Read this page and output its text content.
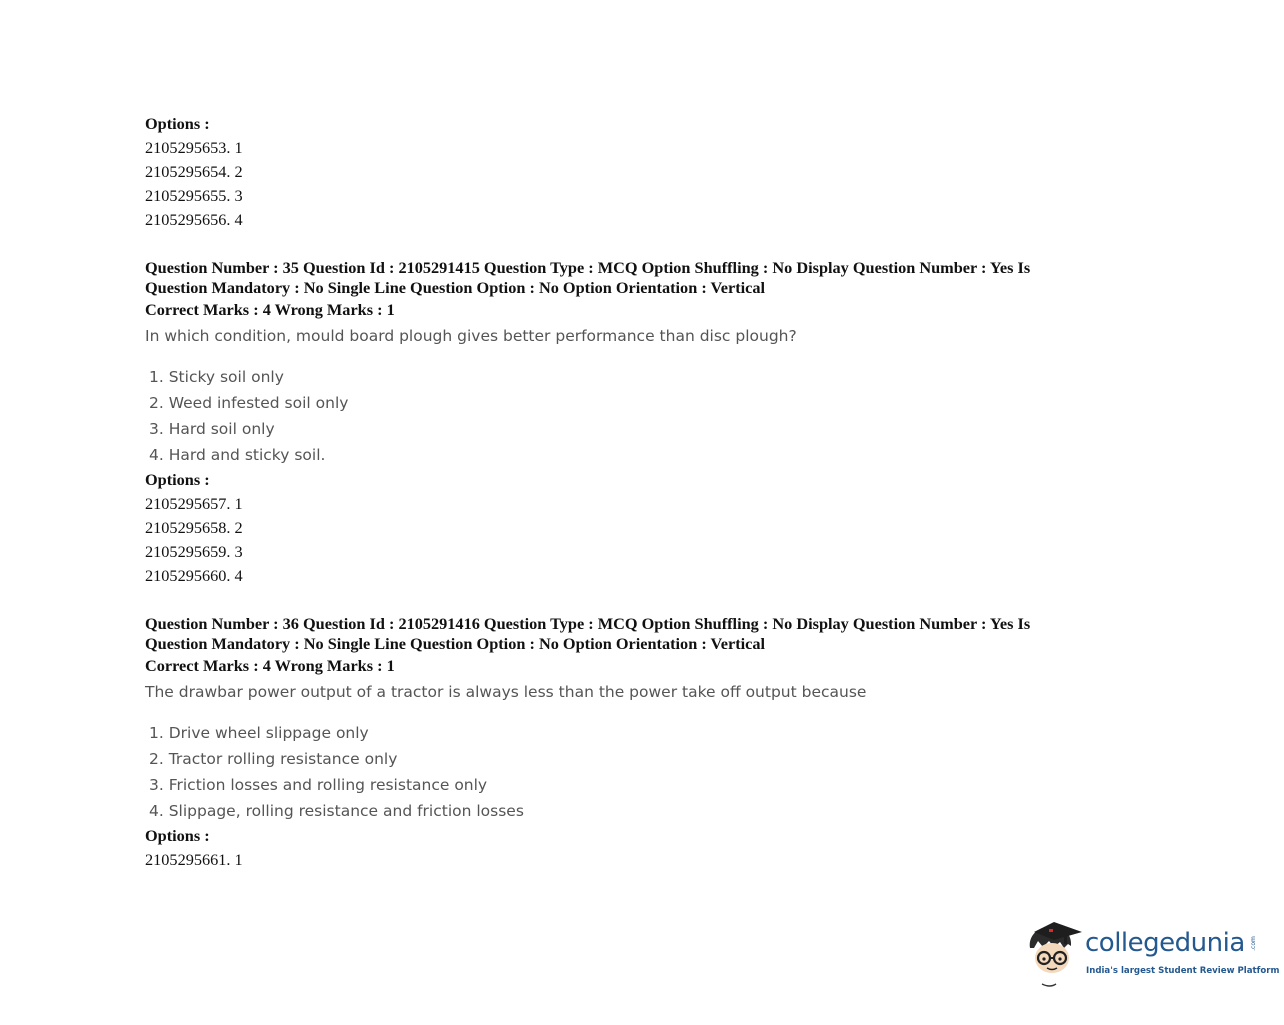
Options :
2105295653. 1
2105295654. 2
2105295655. 3
2105295656. 4
Question Number : 35 Question Id : 2105291415 Question Type : MCQ Option Shuffling : No Display Question Number : Yes Is
Question Mandatory : No Single Line Question Option : No Option Orientation : Vertical
Correct Marks : 4 Wrong Marks : 1
In which condition, mould board plough gives better performance than disc plough?
1. Sticky soil only
2. Weed infested soil only
3. Hard soil only
4. Hard and sticky soil.
Options :
2105295657. 1
2105295658. 2
2105295659. 3
2105295660. 4
Question Number : 36 Question Id : 2105291416 Question Type : MCQ Option Shuffling : No Display Question Number : Yes Is
Question Mandatory : No Single Line Question Option : No Option Orientation : Vertical
Correct Marks : 4 Wrong Marks : 1
The drawbar power output of a tractor is always less than the power take off output because
1. Drive wheel slippage only
2. Tractor rolling resistance only
3. Friction losses and rolling resistance only
4. Slippage, rolling resistance and friction losses
Options :
2105295661. 1
collegedunia .com
India's largest Student Review Platform
